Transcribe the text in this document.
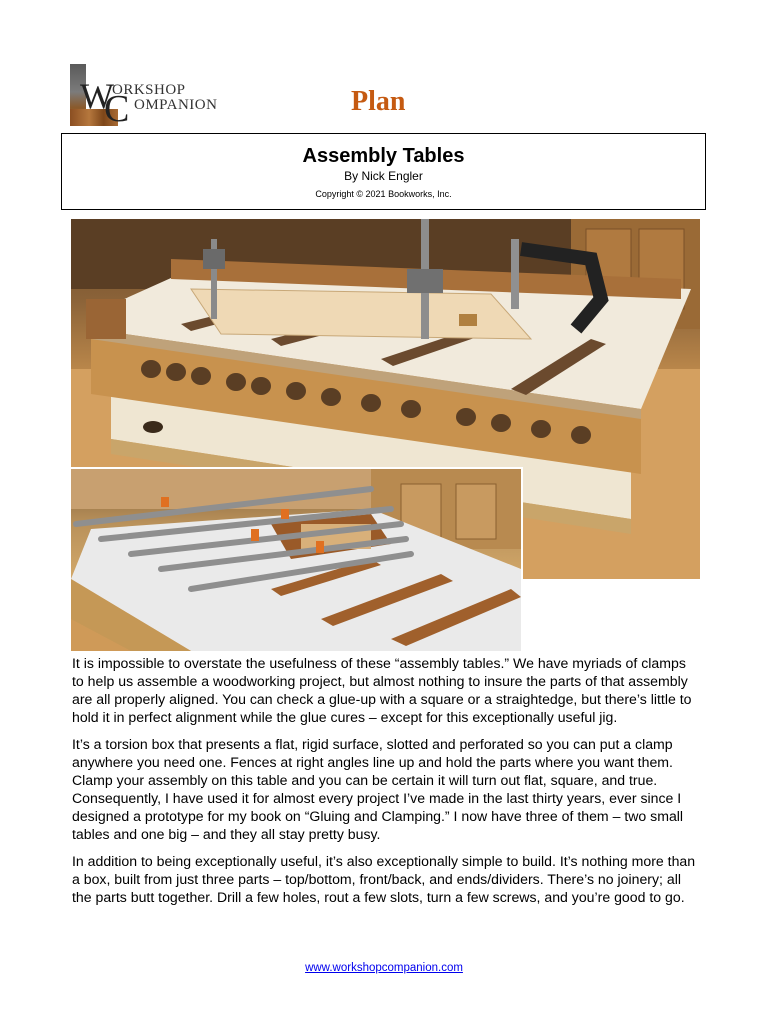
W
C
ORKSHOP
OMPANION	Plan
Assembly Tables
By Nick Engler
Copyright © 2021 Bookworks, Inc.

It is impossible to overstate the usefulness of these “assembly tables.” We have myriads of clamps to help us assemble a woodworking project, but almost nothing to insure the parts of that assembly are all properly aligned. You can check a glue-up with a square or a straightedge, but there’s little to hold it in perfect alignment while the glue cures – except for this exceptionally useful jig.

It’s a torsion box that presents a flat, rigid surface, slotted and perforated so you can put a clamp anywhere you need one. Fences at right angles line up and hold the parts where you want them. Clamp your assembly on this table and you can be certain it will turn out flat, square, and true. Consequently, I have used it for almost every project I’ve made in the last thirty years, ever since I designed a prototype for my book on “Gluing and Clamping.” I now have three of them – two small tables and one big – and they all stay pretty busy.

In addition to being exceptionally useful, it’s also exceptionally simple to build. It’s nothing more than a box, built from just three parts – top/bottom, front/back, and ends/dividers. There’s no joinery; all the parts butt together. Drill a few holes, rout a few slots, turn a few screws, and you’re good to go.

www.workshopcompanion.com
